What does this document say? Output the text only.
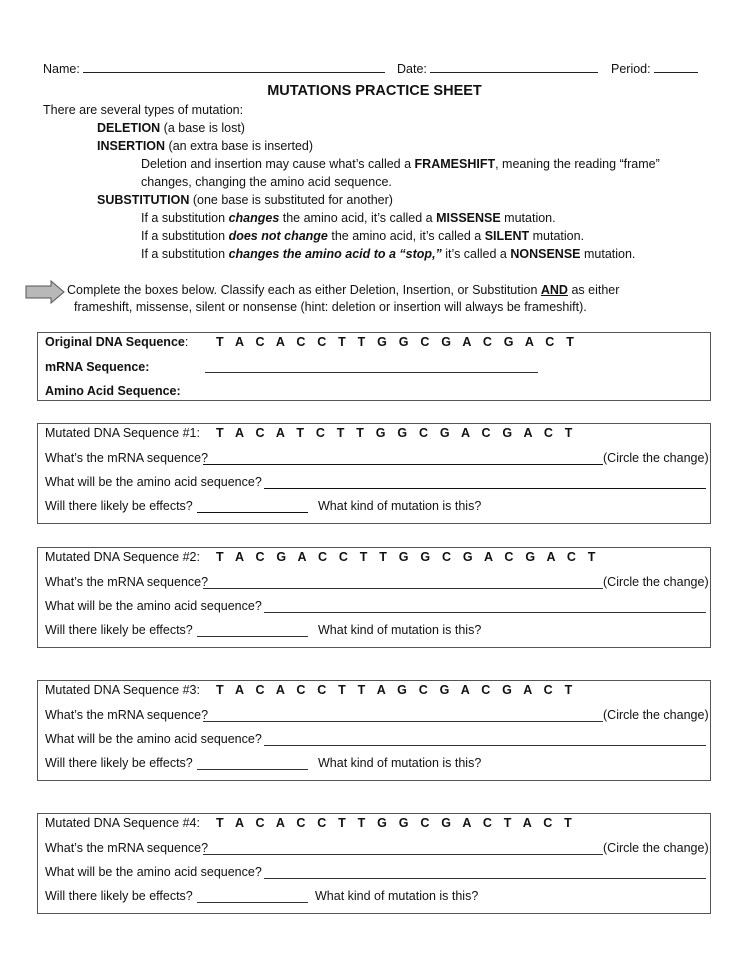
Name:	Date:	Period:
MUTATIONS PRACTICE SHEET
There are several types of mutation:
DELETION (a base is lost)
INSERTION (an extra base is inserted)
Deletion and insertion may cause what’s called a FRAMESHIFT, meaning the reading “frame”
changes, changing the amino acid sequence.
SUBSTITUTION (one base is substituted for another)
If a substitution changes the amino acid, it’s called a MISSENSE mutation.
If a substitution does not change the amino acid, it’s called a SILENT mutation.
If a substitution changes the amino acid to a “stop,” it’s called a NONSENSE mutation.
Complete the boxes below. Classify each as either Deletion, Insertion, or Substitution AND as either
frameshift, missense, silent or nonsense (hint: deletion or insertion will always be frameshift).
Original DNA Sequence: T A C A C C T T G G C G A C G A C T
mRNA Sequence:
Amino Acid Sequence:
Mutated DNA Sequence #1: T A C A T C T T G G C G A C G A C T
What’s the mRNA sequence?	(Circle the change)
What will be the amino acid sequence?
Will there likely be effects?	What kind of mutation is this?
Mutated DNA Sequence #2: T A C G A C C T T G G C G A C G A C T
What’s the mRNA sequence?	(Circle the change)
What will be the amino acid sequence?
Will there likely be effects?	What kind of mutation is this?
Mutated DNA Sequence #3: T A C A C C T T A G C G A C G A C T
What’s the mRNA sequence?	(Circle the change)
What will be the amino acid sequence?
Will there likely be effects?	What kind of mutation is this?
Mutated DNA Sequence #4: T A C A C C T T G G C G A C T A C T
What’s the mRNA sequence?	(Circle the change)
What will be the amino acid sequence?
Will there likely be effects?	What kind of mutation is this?
